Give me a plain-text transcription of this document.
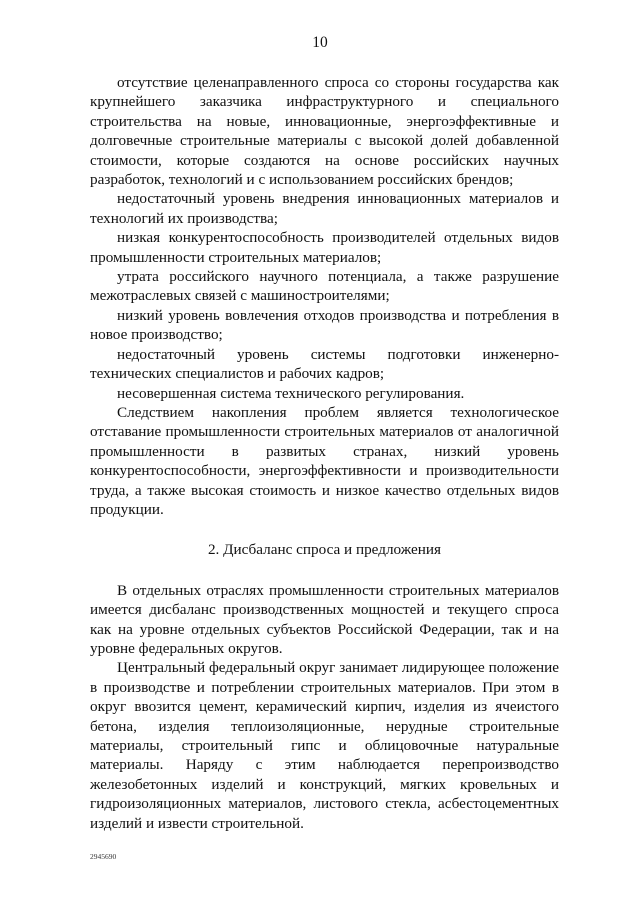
10

отсутствие целенаправленного спроса со стороны государства как крупнейшего заказчика инфраструктурного и специального строительства на новые, инновационные, энергоэффективные и долговечные строительные материалы с высокой долей добавленной стоимости, которые создаются на основе российских научных разработок, технологий и с использованием российских брендов;

недостаточный уровень внедрения инновационных материалов и технологий их производства;

низкая конкурентоспособность производителей отдельных видов промышленности строительных материалов;

утрата российского научного потенциала, а также разрушение межотраслевых связей с машиностроителями;

низкий уровень вовлечения отходов производства и потребления в новое производство;

недостаточный уровень системы подготовки инженерно-технических специалистов и рабочих кадров;

несовершенная система технического регулирования.

Следствием накопления проблем является технологическое отставание промышленности строительных материалов от аналогичной промышленности в развитых странах, низкий уровень конкурентоспособности, энергоэффективности и производительности труда, а также высокая стоимость и низкое качество отдельных видов продукции.

2. Дисбаланс спроса и предложения

В отдельных отраслях промышленности строительных материалов имеется дисбаланс производственных мощностей и текущего спроса как на уровне отдельных субъектов Российской Федерации, так и на уровне федеральных округов.

Центральный федеральный округ занимает лидирующее положение в производстве и потреблении строительных материалов. При этом в округ ввозится цемент, керамический кирпич, изделия из ячеистого бетона, изделия теплоизоляционные, нерудные строительные материалы, строительный гипс и облицовочные натуральные материалы. Наряду с этим наблюдается перепроизводство железобетонных изделий и конструкций, мягких кровельных и гидроизоляционных материалов, листового стекла, асбестоцементных изделий и извести строительной.

2945690
